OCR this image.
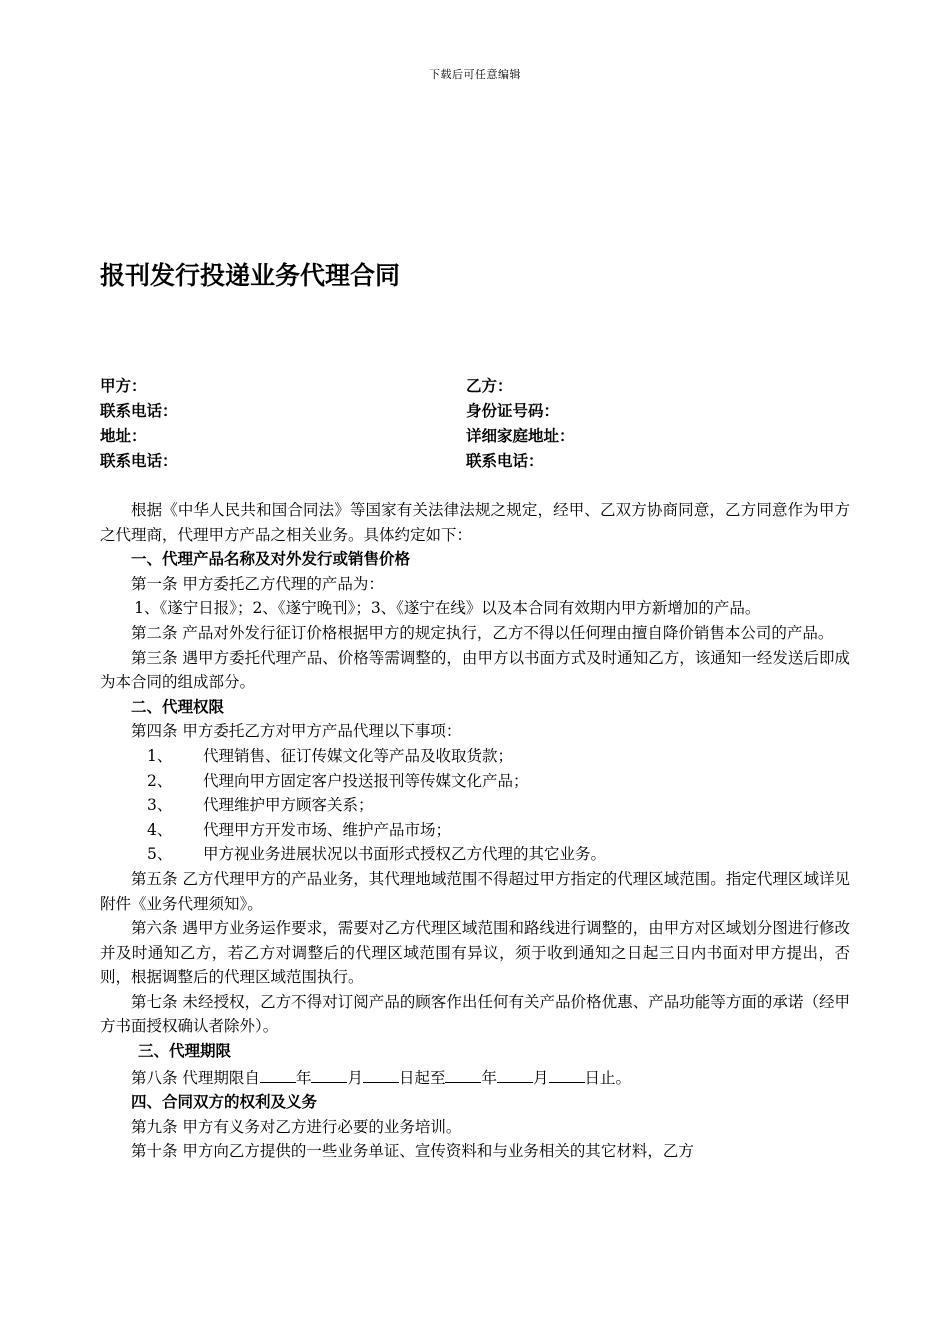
下载后可任意编辑
报刊发行投递业务代理合同
甲方：	乙方：
联系电话：	身份证号码：
地址：	详细家庭地址：
联系电话：	联系电话：

根据《中华人民共和国合同法》等国家有关法律法规之规定，经甲、乙双方协商同意，乙方同意作为甲方之代理商，代理甲方产品之相关业务。具体约定如下：

一、代理产品名称及对外发行或销售价格

第一条 甲方委托乙方代理的产品为：

1、《遂宁日报》；2、《遂宁晚刊》；3、《遂宁在线》以及本合同有效期内甲方新增加的产品。

第二条 产品对外发行征订价格根据甲方的规定执行，乙方不得以任何理由擅自降价销售本公司的产品。

第三条 遇甲方委托代理产品、价格等需调整的，由甲方以书面方式及时通知乙方，该通知一经发送后即成为本合同的组成部分。

二、代理权限

第四条 甲方委托乙方对甲方产品代理以下事项：

1、	代理销售、征订传媒文化等产品及收取货款；
2、	代理向甲方固定客户投送报刊等传媒文化产品；
3、	代理维护甲方顾客关系；
4、	代理甲方开发市场、维护产品市场；
5、	甲方视业务进展状况以书面形式授权乙方代理的其它业务。

第五条 乙方代理甲方的产品业务，其代理地域范围不得超过甲方指定的代理区域范围。指定代理区域详见附件《业务代理须知》。

第六条 遇甲方业务运作要求，需要对乙方代理区域范围和路线进行调整的，由甲方对区域划分图进行修改并及时通知乙方，若乙方对调整后的代理区域范围有异议，须于收到通知之日起三日内书面对甲方提出，否则，根据调整后的代理区域范围执行。

第七条 未经授权，乙方不得对订阅产品的顾客作出任何有关产品价格优惠、产品功能等方面的承诺（经甲方书面授权确认者除外）。

三、代理期限

第八条 代理期限自 年 月 日起至 年 月 日止。

四、合同双方的权利及义务

第九条 甲方有义务对乙方进行必要的业务培训。

第十条 甲方向乙方提供的一些业务单证、宣传资料和与业务相关的其它材料，乙方
